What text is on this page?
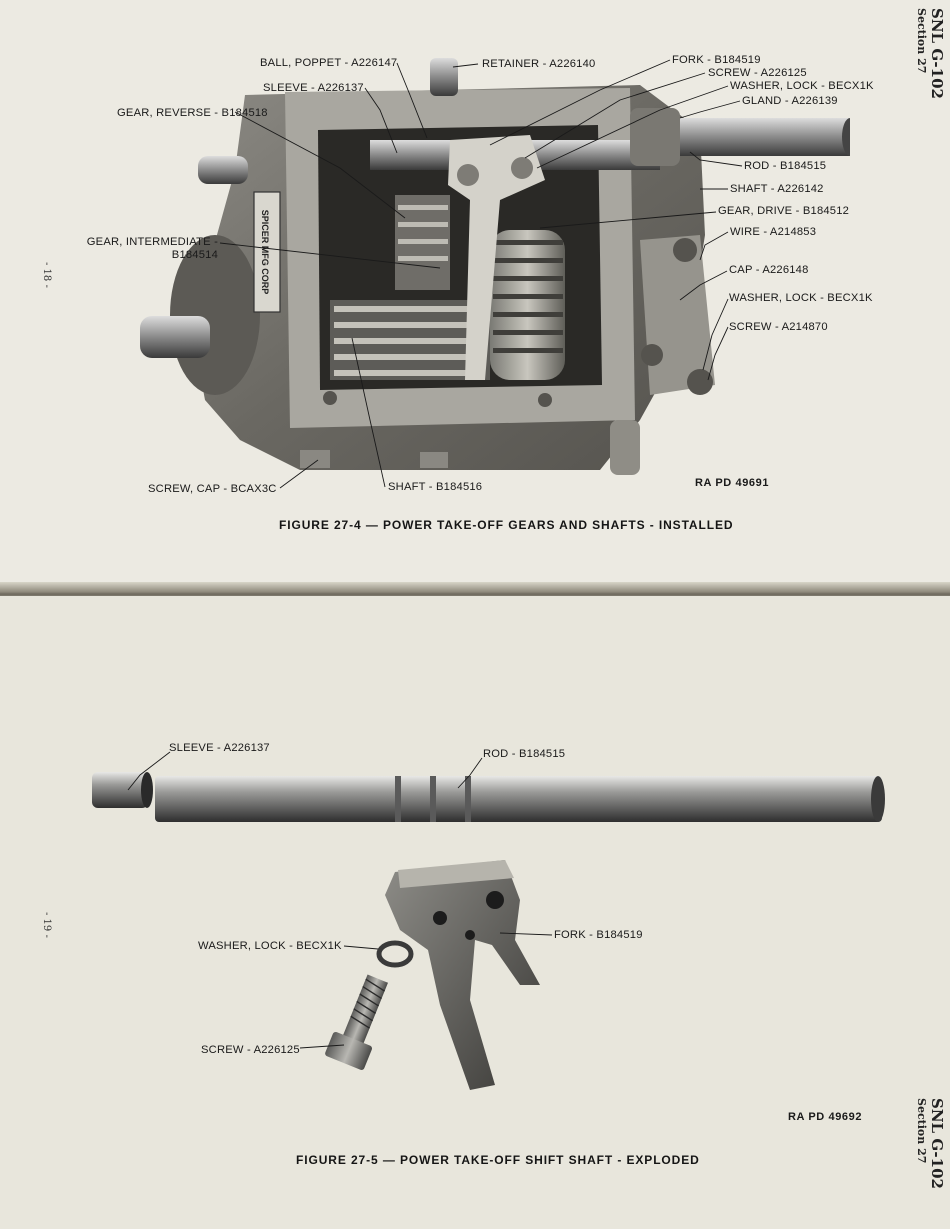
SNL G-102
Section 27
- 18 -	SPICER MFG CORP
BALL, POPPET - A226147	RETAINER - A226140
SLEEVE - A226137
GEAR, REVERSE - B184518
GEAR, INTERMEDIATE -
B184514
FORK - B184519
SCREW - A226125
WASHER, LOCK - BECX1K
GLAND - A226139
ROD - B184515
SHAFT - A226142
GEAR, DRIVE - B184512
WIRE - A214853
CAP - A226148
WASHER, LOCK - BECX1K
SCREW - A214870
SCREW, CAP - BCAX3C	SHAFT - B184516	RA PD 49691
FIGURE 27-4 — POWER TAKE-OFF GEARS AND SHAFTS - INSTALLED
- 19 -
SNL G-102
Section 27
SLEEVE - A226137	ROD - B184515
WASHER, LOCK - BECX1K
FORK - B184519
SCREW - A226125
RA PD 49692
FIGURE 27-5 — POWER TAKE-OFF SHIFT SHAFT - EXPLODED
